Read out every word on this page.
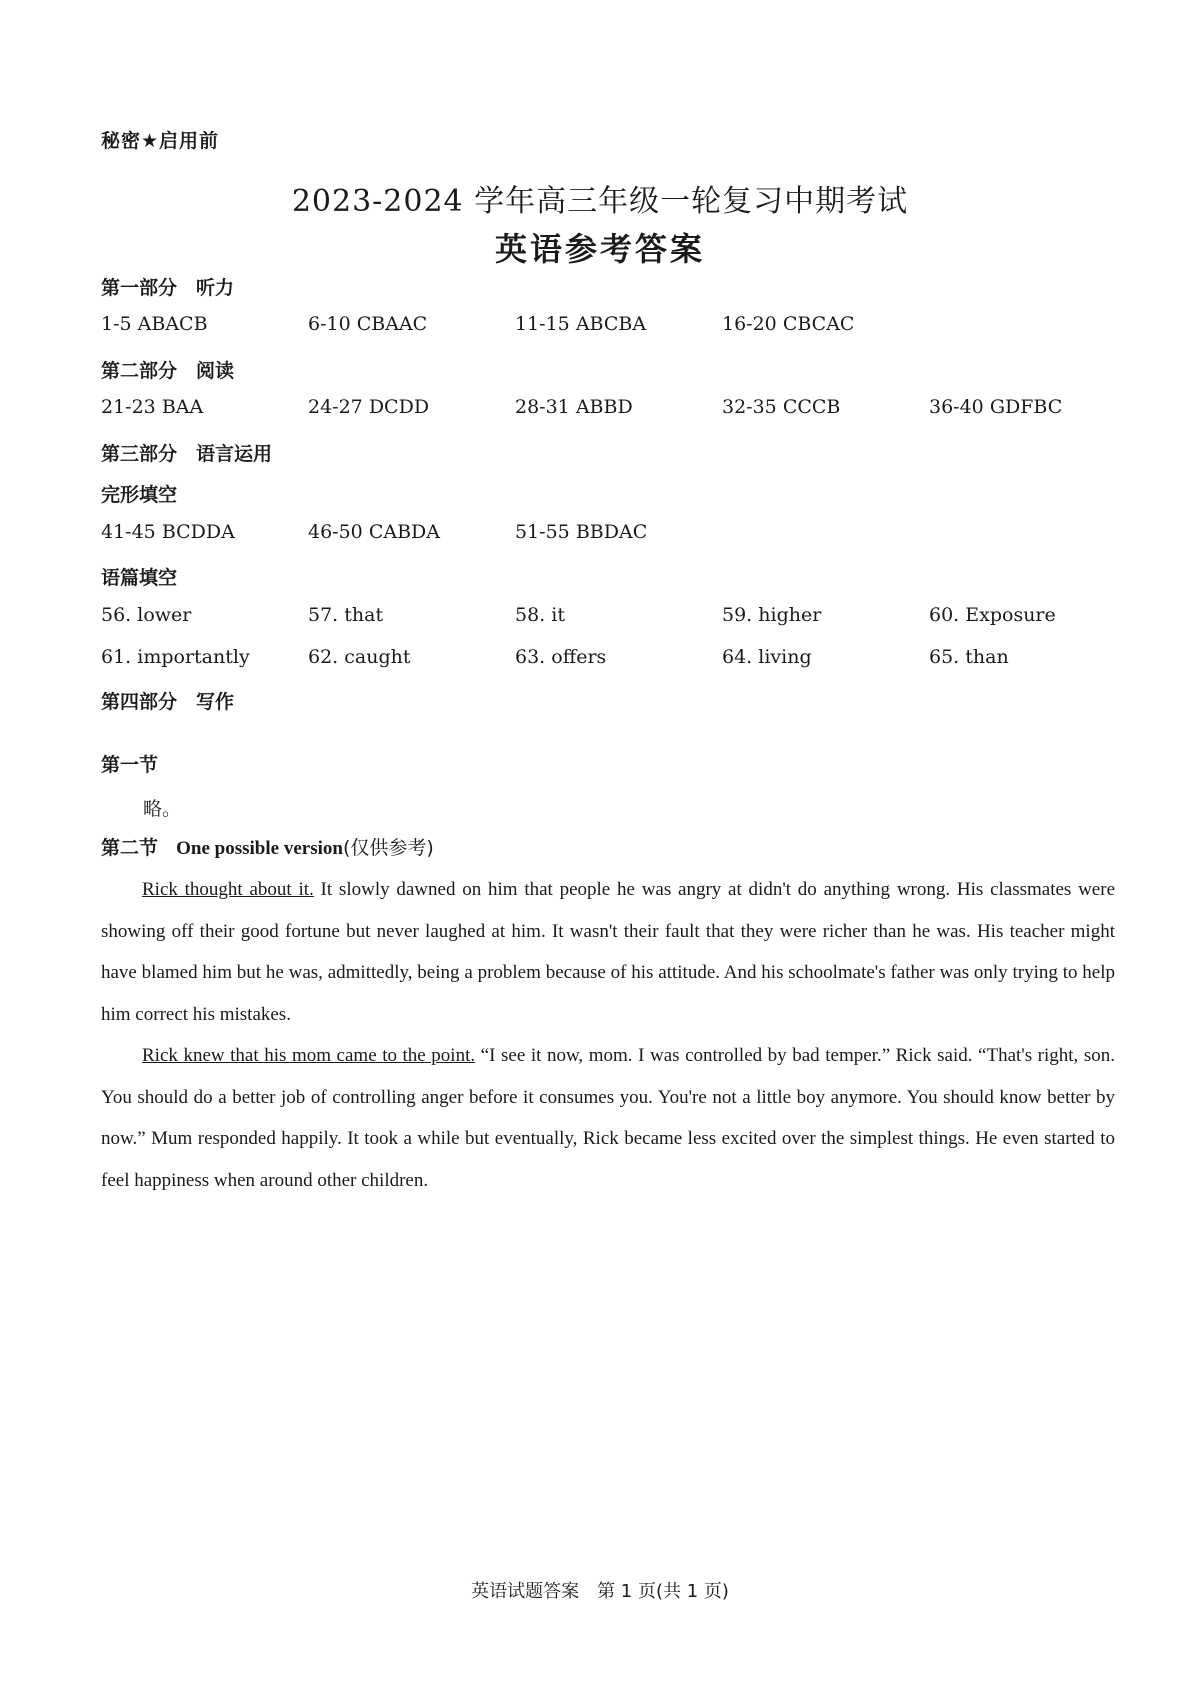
秘密★启用前
2023-2024 学年高三年级一轮复习中期考试
英语参考答案
第一部分　听力
1-5 ABACB	6-10 CBAAC	11-15 ABCBA	16-20 CBCAC
第二部分　阅读
21-23 BAA	24-27 DCDD	28-31 ABBD	32-35 CCCB	36-40 GDFBC
第三部分　语言运用
完形填空
41-45 BCDDA	46-50 CABDA	51-55 BBDAC
语篇填空
56. lower	57. that	58. it	59. higher	60. Exposure
61. importantly	62. caught	63. offers	64. living	65. than
第四部分　写作
第一节
略。
第二节 One possible version(仅供参考)

Rick thought about it. It slowly dawned on him that people he was angry at didn't do anything wrong. His classmates were showing off their good fortune but never laughed at him. It wasn't their fault that they were richer than he was. His teacher might have blamed him but he was, admittedly, being a problem because of his attitude. And his schoolmate's father was only trying to help him correct his mistakes.

Rick knew that his mom came to the point. “I see it now, mom. I was controlled by bad temper.” Rick said. “That's right, son. You should do a better job of controlling anger before it consumes you. You're not a little boy anymore. You should know better by now.” Mum responded happily. It took a while but eventually, Rick became less excited over the simplest things. He even started to feel happiness when around other children.

英语试题答案　第 1 页(共 1 页)
